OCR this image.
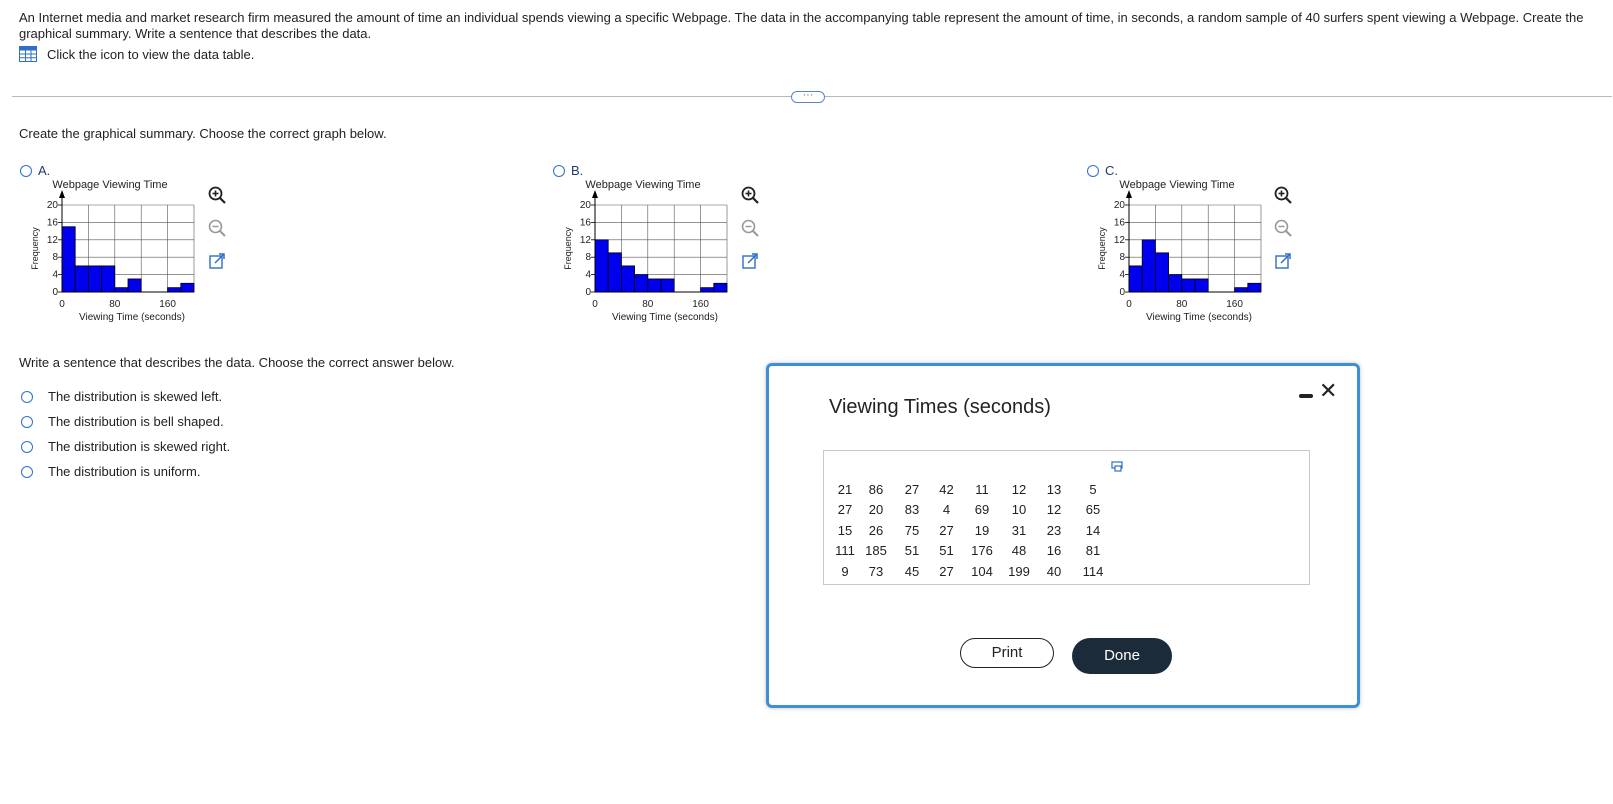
An Internet media and market research firm measured the amount of time an individual spends viewing a specific Webpage. The data in the accompanying table represent the amount of time, in seconds, a random sample of 40 surfers spent viewing a Webpage. Create the graphical summary. Write a sentence that describes the data.
Click the icon to view the data table.
···
Create the graphical summary. Choose the correct graph below.
A.	B.	C.
0
4
8
12
16
20
0	80	160
Webpage Viewing Time
Viewing Time (seconds)
Frequency
0
4
8
12
16
20
0	80	160
Webpage Viewing Time
Viewing Time (seconds)
Frequency
0
4
8
12
16
20
0	80	160
Webpage Viewing Time
Viewing Time (seconds)
Frequency
Write a sentence that describes the data. Choose the correct answer below.
The distribution is skewed left.
The distribution is bell shaped.
The distribution is skewed right.
The distribution is uniform.
Viewing Times (seconds)
✕
21	86	27	42	11	12	13	5
27	20	83	4	69	10	12	65
15	26	75	27	19	31	23	14
111	185	51	51	176	48	16	81
9	73	45	27	104	199	40	114
Print	Done
